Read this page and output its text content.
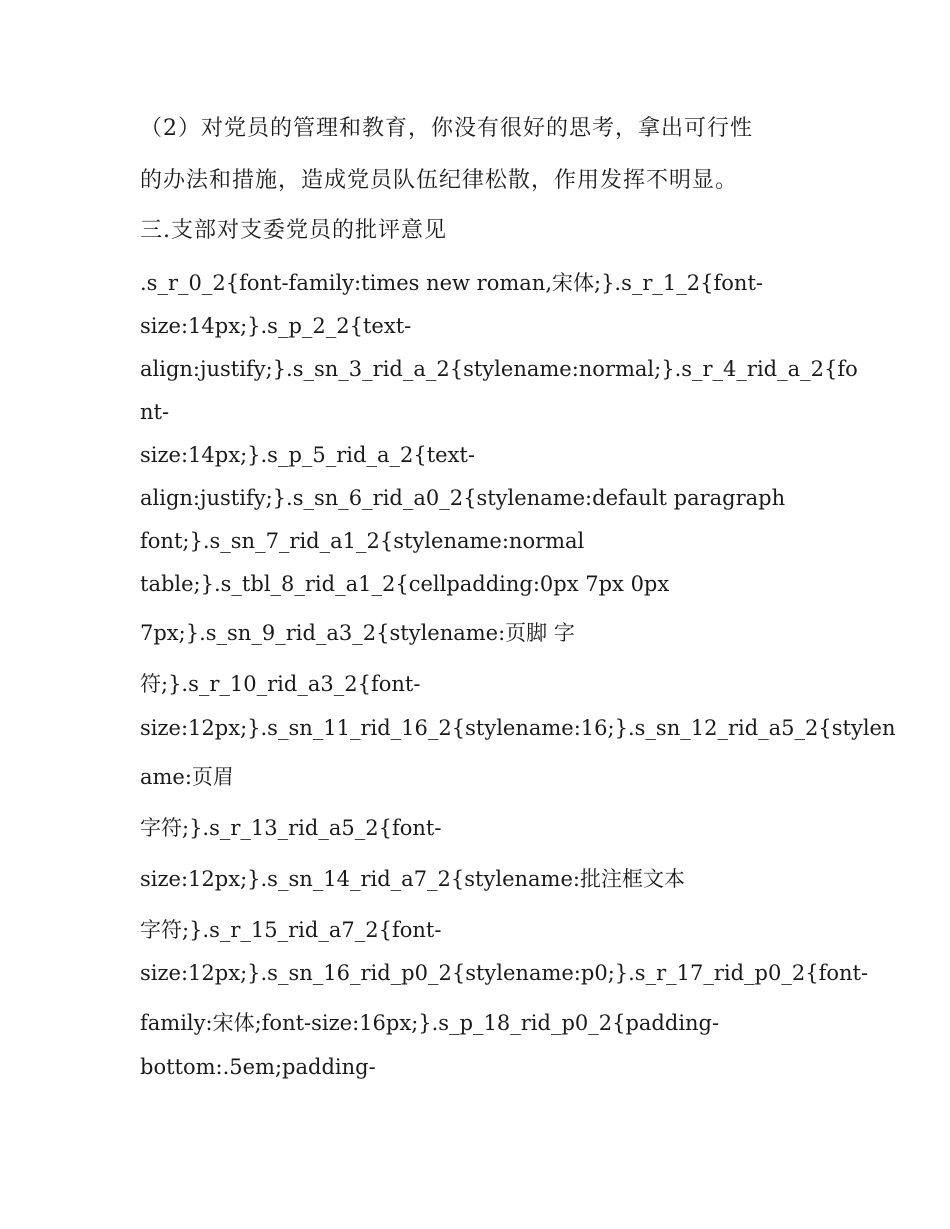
（2）对党员的管理和教育，你没有很好的思考，拿出可行性

的办法和措施，造成党员队伍纪律松散，作用发挥不明显。

三.支部对支委党员的批评意见

.s_r_0_2{font-family:times new roman,宋体;}.s_r_1_2{font-

size:14px;}.s_p_2_2{text-

align:justify;}.s_sn_3_rid_a_2{stylename:normal;}.s_r_4_rid_a_2{fo

nt-

size:14px;}.s_p_5_rid_a_2{text-

align:justify;}.s_sn_6_rid_a0_2{stylename:default paragraph

font;}.s_sn_7_rid_a1_2{stylename:normal

table;}.s_tbl_8_rid_a1_2{cellpadding:0px 7px 0px

7px;}.s_sn_9_rid_a3_2{stylename:页脚 字

符;}.s_r_10_rid_a3_2{font-

size:12px;}.s_sn_11_rid_16_2{stylename:16;}.s_sn_12_rid_a5_2{stylen

ame:页眉

字符;}.s_r_13_rid_a5_2{font-

size:12px;}.s_sn_14_rid_a7_2{stylename:批注框文本

字符;}.s_r_15_rid_a7_2{font-

size:12px;}.s_sn_16_rid_p0_2{stylename:p0;}.s_r_17_rid_p0_2{font-

family:宋体;font-size:16px;}.s_p_18_rid_p0_2{padding-

bottom:.5em;padding-
